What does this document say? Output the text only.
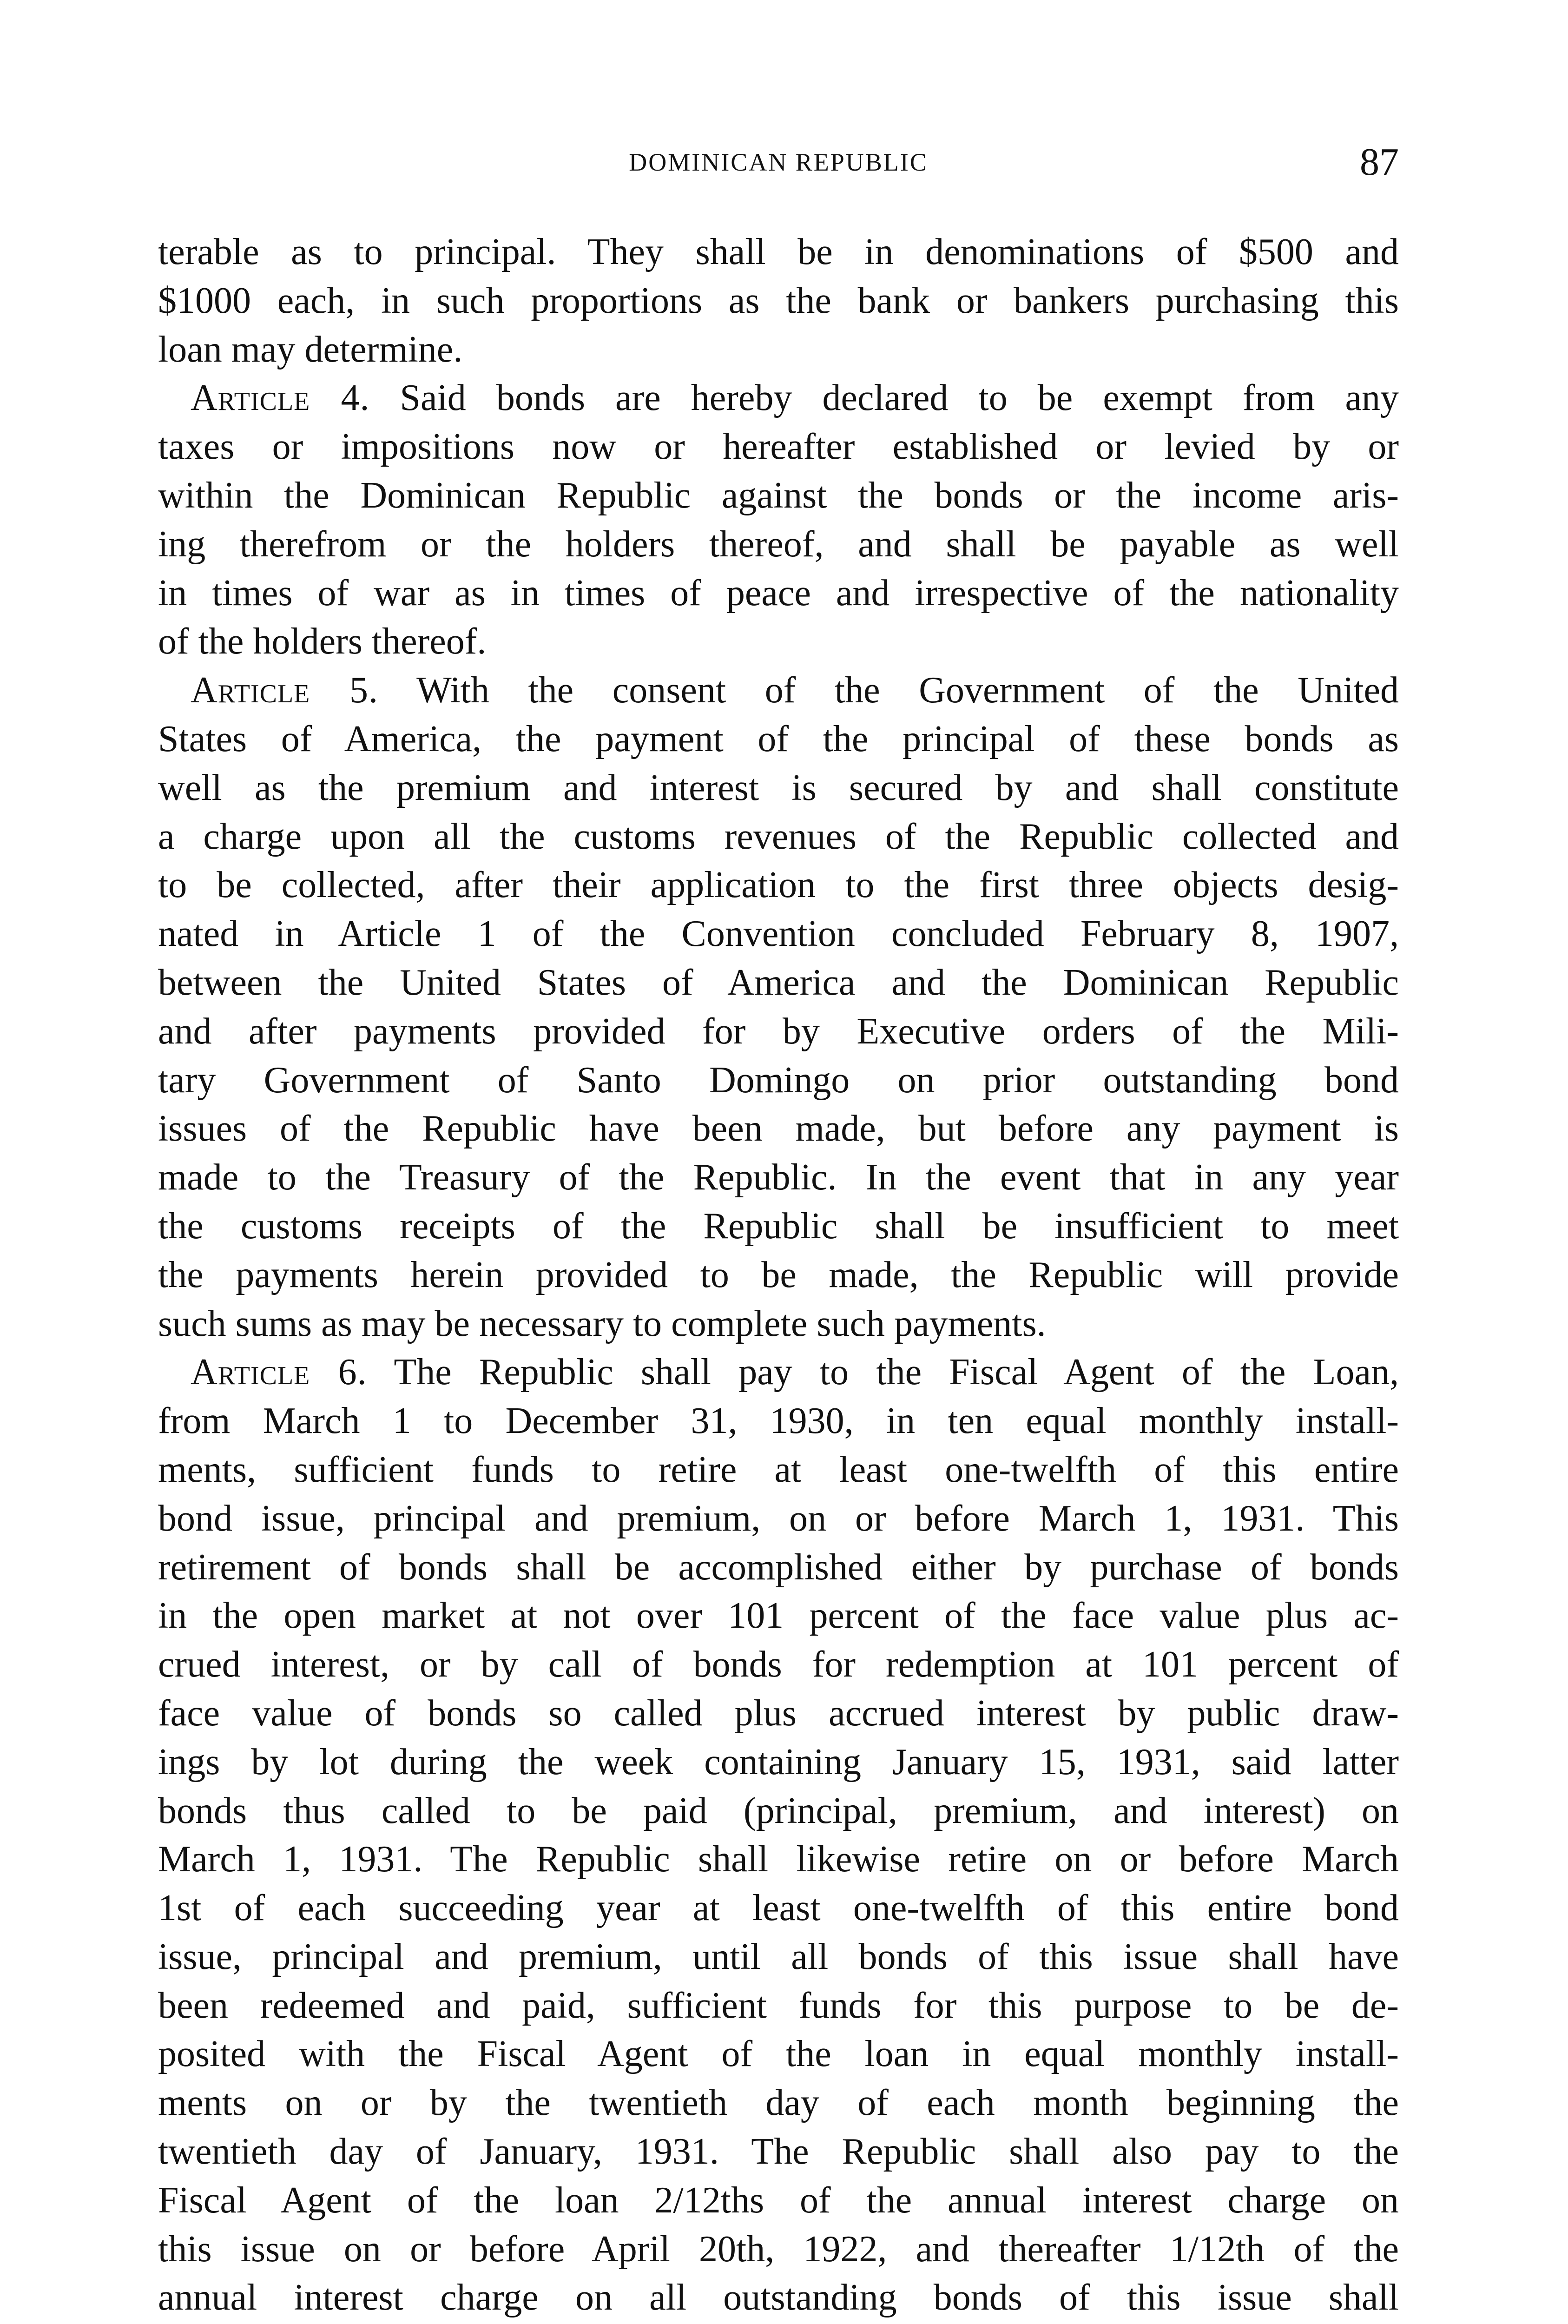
DOMINICAN REPUBLIC	87
terable as to principal. They shall be in denominations of $500 and
$1000 each, in such proportions as the bank or bankers purchasing this
loan may determine.
Article 4. Said bonds are hereby declared to be exempt from any
taxes or impositions now or hereafter established or levied by or
within the Dominican Republic against the bonds or the income aris-
ing therefrom or the holders thereof, and shall be payable as well
in times of war as in times of peace and irrespective of the nationality
of the holders thereof.
Article 5. With the consent of the Government of the United
States of America, the payment of the principal of these bonds as
well as the premium and interest is secured by and shall constitute
a charge upon all the customs revenues of the Republic collected and
to be collected, after their application to the first three objects desig-
nated in Article 1 of the Convention concluded February 8, 1907,
between the United States of America and the Dominican Republic
and after payments provided for by Executive orders of the Mili-
tary Government of Santo Domingo on prior outstanding bond
issues of the Republic have been made, but before any payment is
made to the Treasury of the Republic. In the event that in any year
the customs receipts of the Republic shall be insufficient to meet
the payments herein provided to be made, the Republic will provide
such sums as may be necessary to complete such payments.
Article 6. The Republic shall pay to the Fiscal Agent of the Loan,
from March 1 to December 31, 1930, in ten equal monthly install-
ments, sufficient funds to retire at least one-twelfth of this entire
bond issue, principal and premium, on or before March 1, 1931. This
retirement of bonds shall be accomplished either by purchase of bonds
in the open market at not over 101 percent of the face value plus ac-
crued interest, or by call of bonds for redemption at 101 percent of
face value of bonds so called plus accrued interest by public draw-
ings by lot during the week containing January 15, 1931, said latter
bonds thus called to be paid (principal, premium, and interest) on
March 1, 1931. The Republic shall likewise retire on or before March
1st of each succeeding year at least one-twelfth of this entire bond
issue, principal and premium, until all bonds of this issue shall have
been redeemed and paid, sufficient funds for this purpose to be de-
posited with the Fiscal Agent of the loan in equal monthly install-
ments on or by the twentieth day of each month beginning the
twentieth day of January, 1931. The Republic shall also pay to the
Fiscal Agent of the loan 2/12ths of the annual interest charge on
this issue on or before April 20th, 1922, and thereafter 1/12th of the
annual interest charge on all outstanding bonds of this issue shall
